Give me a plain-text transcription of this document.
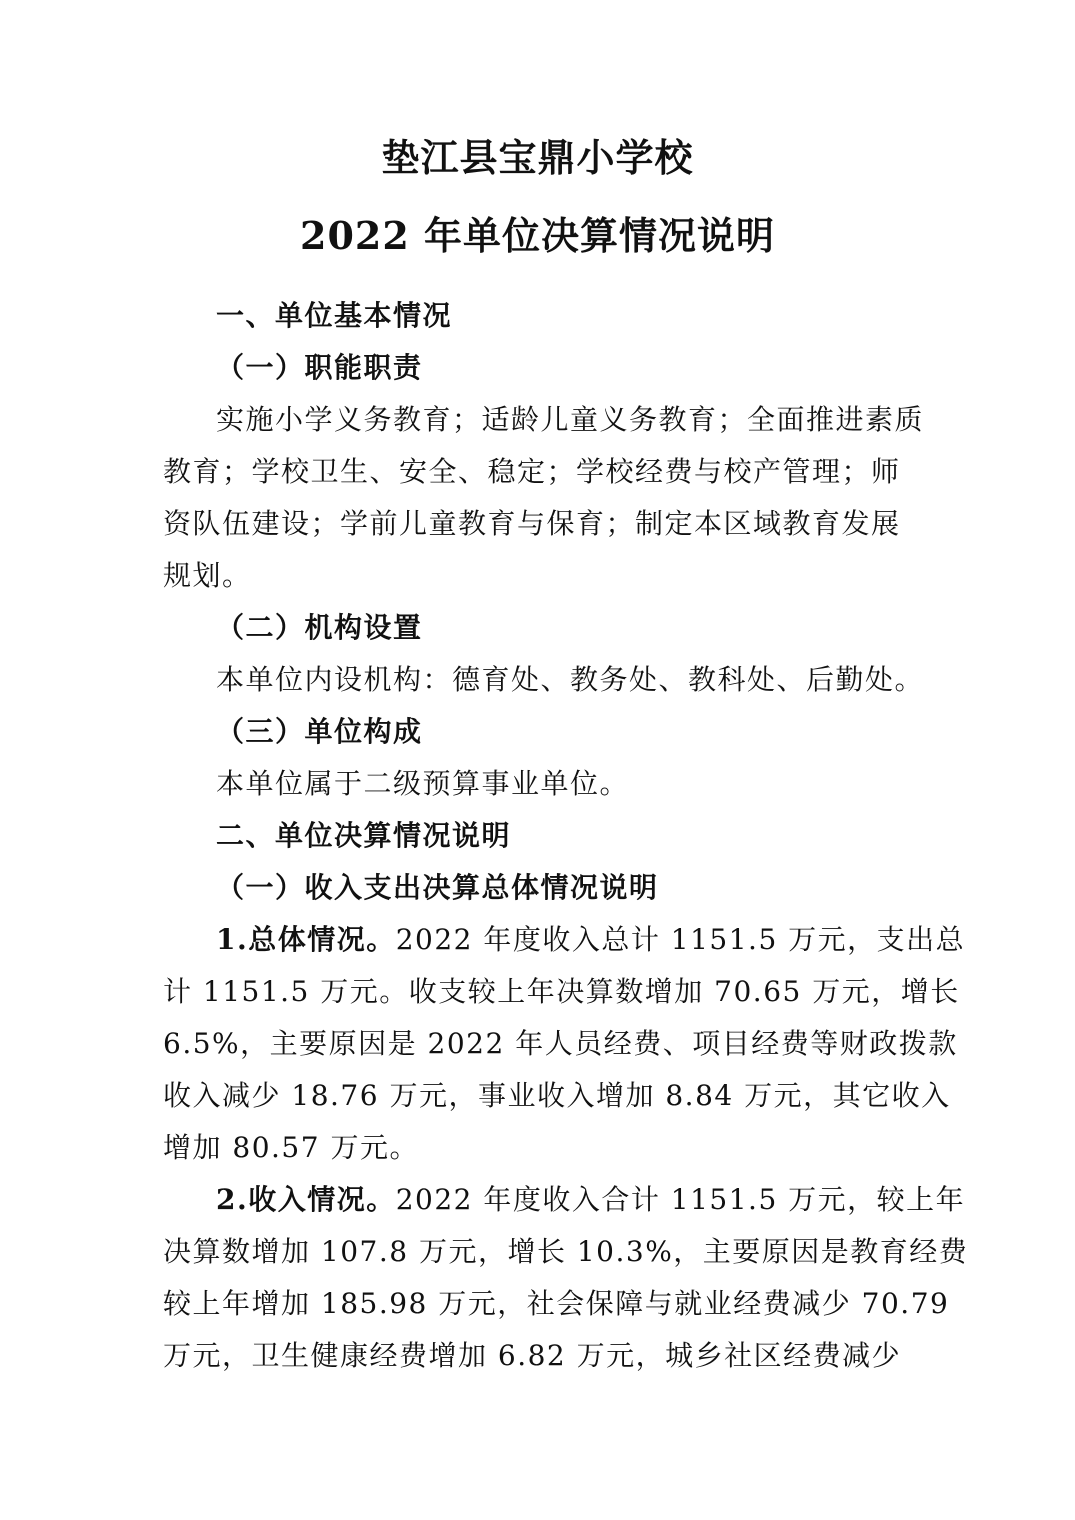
垫江县宝鼎小学校
2022 年单位决算情况说明

一、单位基本情况

（一）职能职责

实施小学义务教育；适龄儿童义务教育；全面推进素质

教育；学校卫生、安全、稳定；学校经费与校产管理；师

资队伍建设；学前儿童教育与保育；制定本区域教育发展

规划。

（二）机构设置

本单位内设机构：德育处、教务处、教科处、后勤处。

（三）单位构成

本单位属于二级预算事业单位。

二、单位决算情况说明

（一）收入支出决算总体情况说明

1.总体情况。2022 年度收入总计 1151.5 万元，支出总

计 1151.5 万元。收支较上年决算数增加 70.65 万元，增长

6.5%，主要原因是 2022 年人员经费、项目经费等财政拨款

收入减少 18.76 万元，事业收入增加 8.84 万元，其它收入

增加 80.57 万元。

2.收入情况。2022 年度收入合计 1151.5 万元，较上年

决算数增加 107.8 万元，增长 10.3%，主要原因是教育经费

较上年增加 185.98 万元，社会保障与就业经费减少 70.79

万元，卫生健康经费增加 6.82 万元，城乡社区经费减少
